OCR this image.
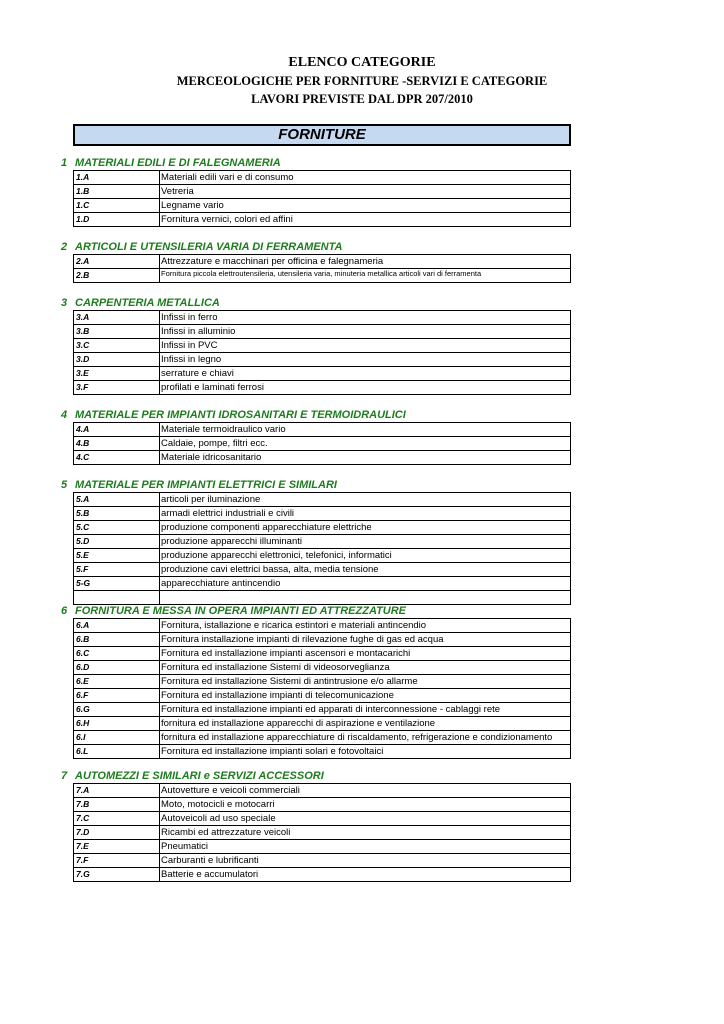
ELENCO CATEGORIE
MERCEOLOGICHE PER FORNITURE -SERVIZI E CATEGORIE
LAVORI PREVISTE DAL DPR 207/2010
FORNITURE
1 MATERIALI EDILI E DI FALEGNAMERIA
1.A	Materiali edili vari e di consumo
1.B	Vetreria
1.C	Legname vario
1.D	Fornitura vernici, colori ed affini
2 ARTICOLI E UTENSILERIA VARIA DI FERRAMENTA
2.A	Attrezzature e macchinari per officina e falegnameria
2.B	Fornitura piccola elettroutensileria, utensileria varia, minuteria metallica articoli vari di ferramenta
3 CARPENTERIA METALLICA
3.A	Infissi in ferro
3.B	Infissi in alluminio
3.C	Infissi in PVC
3.D	Infissi in legno
3.E	serrature e chiavi
3.F	profilati e laminati ferrosi
4 MATERIALE PER IMPIANTI IDROSANITARI E TERMOIDRAULICI
4.A	Materiale termoidraulico vario
4.B	Caldaie, pompe, filtri ecc.
4.C	Materiale idricosanitario
5 MATERIALE PER IMPIANTI ELETTRICI E SIMILARI
5.A	articoli per iluminazione
5.B	armadi elettrici industriali e civili
5.C	produzione componenti apparecchiature elettriche
5.D	produzione apparecchi illuminanti
5.E	produzione apparecchi elettronici, telefonici, informatici
5.F	produzione cavi elettrici bassa, alta, media tensione
5-G	apparecchiature antincendio
6 FORNITURA E MESSA IN OPERA IMPIANTI ED ATTREZZATURE
6.A	Fornitura, istallazione e ricarica estintori e materiali antincendio
6.B	Fornitura installazione impianti di rilevazione fughe di gas ed acqua
6.C	Fornitura ed installazione impianti ascensori e montacarichi
6.D	Fornitura ed installazione Sistemi di videosorveglianza
6.E	Fornitura ed installazione Sistemi di antintrusione e/o allarme
6.F	Fornitura ed installazione impianti di telecomunicazione
6.G	Fornitura ed installazione impianti ed apparati di interconnessione - cablaggi rete
6.H	fornitura ed installazione apparecchi di aspirazione e ventilazione
6.I	fornitura ed installazione apparecchiature di riscaldamento, refrigerazione e condizionamento
6.L	Fornitura ed installazione impianti solari e fotovoltaici
7 AUTOMEZZI E SIMILARI e SERVIZI ACCESSORI
7.A	Autovetture e veicoli commerciali
7.B	Moto, motocicli e motocarri
7.C	Autoveicoli ad uso speciale
7.D	Ricambi ed attrezzature veicoli
7.E	Pneumatici
7.F	Carburanti e lubrificanti
7.G	Batterie e accumulatori
